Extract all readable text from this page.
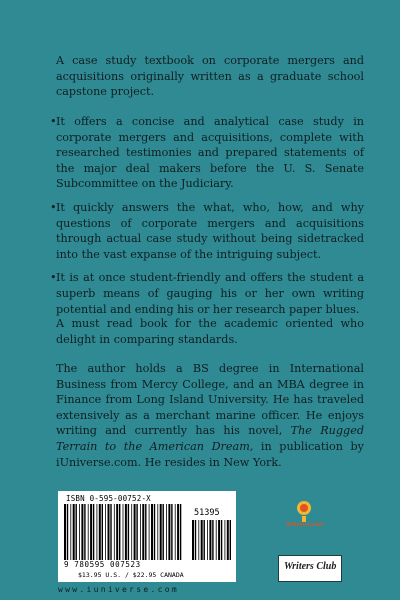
A case study textbook on corporate mergers and acquisitions originally written as a graduate school capstone project.
• It offers a concise and analytical case study in corporate mergers and acquisitions, complete with researched testimonies and prepared statements of the major deal makers before the U. S. Senate Subcommittee on the Judiciary.
• It quickly answers the what, who, how, and why questions of corporate mergers and acquisitions through actual case study without being sidetracked into the vast expanse of the intriguing subject.
• It is at once student-friendly and offers the student a superb means of gauging his or her own writing potential and ending his or her research paper blues.
A must read book for the academic oriented who delight in comparing standards.
The author holds a BS degree in International Business from Mercy College, and an MBA degree in Finance from Long Island University. He has traveled extensively as a merchant marine officer. He enjoys writing and currently has his novel, The Rugged Terrain to the American Dream, in publication by iUniverse.com. He resides in New York.
ISBN 0-595-00752-X
51395
9 780595 007523
$13.95 U.S. / $22.95 CANADA
www.iuniverse.com
iUniverse.com
Writers Club
